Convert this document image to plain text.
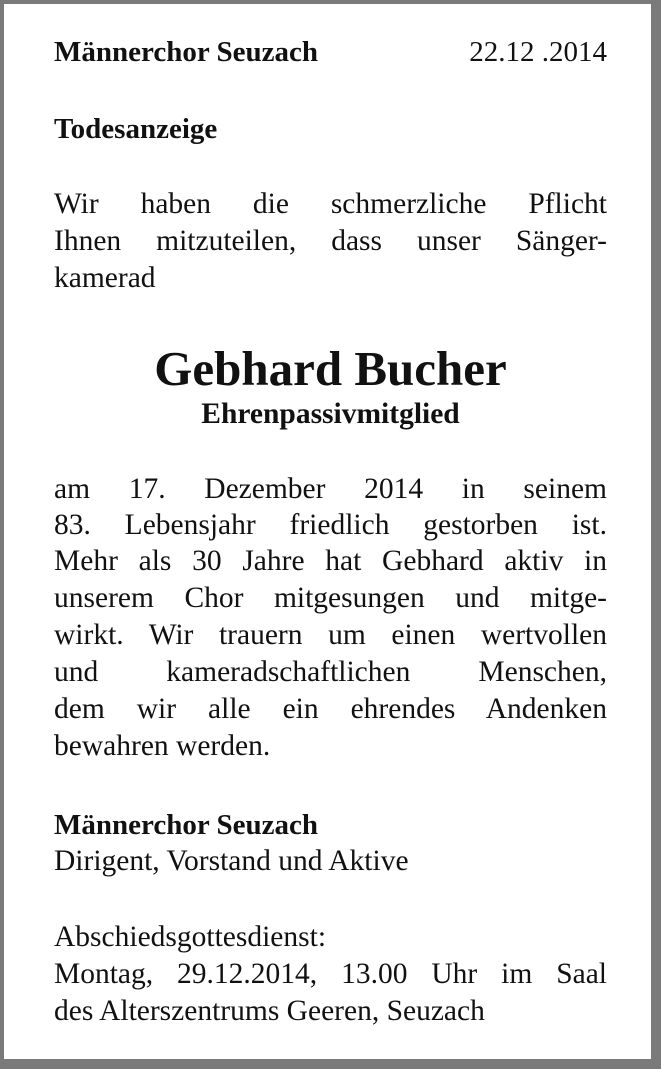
Männerchor Seuzach	22.12 .2014
Todesanzeige
Wir haben die schmerzliche Pflicht
Ihnen mitzuteilen, dass unser Sänger-
kamerad
Gebhard Bucher
Ehrenpassivmitglied
am 17. Dezember 2014 in seinem
83. Lebensjahr friedlich gestorben ist.
Mehr als 30 Jahre hat Gebhard aktiv in
unserem Chor mitgesungen und mitge-
wirkt. Wir trauern um einen wertvollen
und kameradschaftlichen Menschen,
dem wir alle ein ehrendes Andenken
bewahren werden.
Männerchor Seuzach
Dirigent, Vorstand und Aktive
Abschiedsgottesdienst:
Montag, 29.12.2014, 13.00 Uhr im Saal
des Alterszentrums Geeren, Seuzach
